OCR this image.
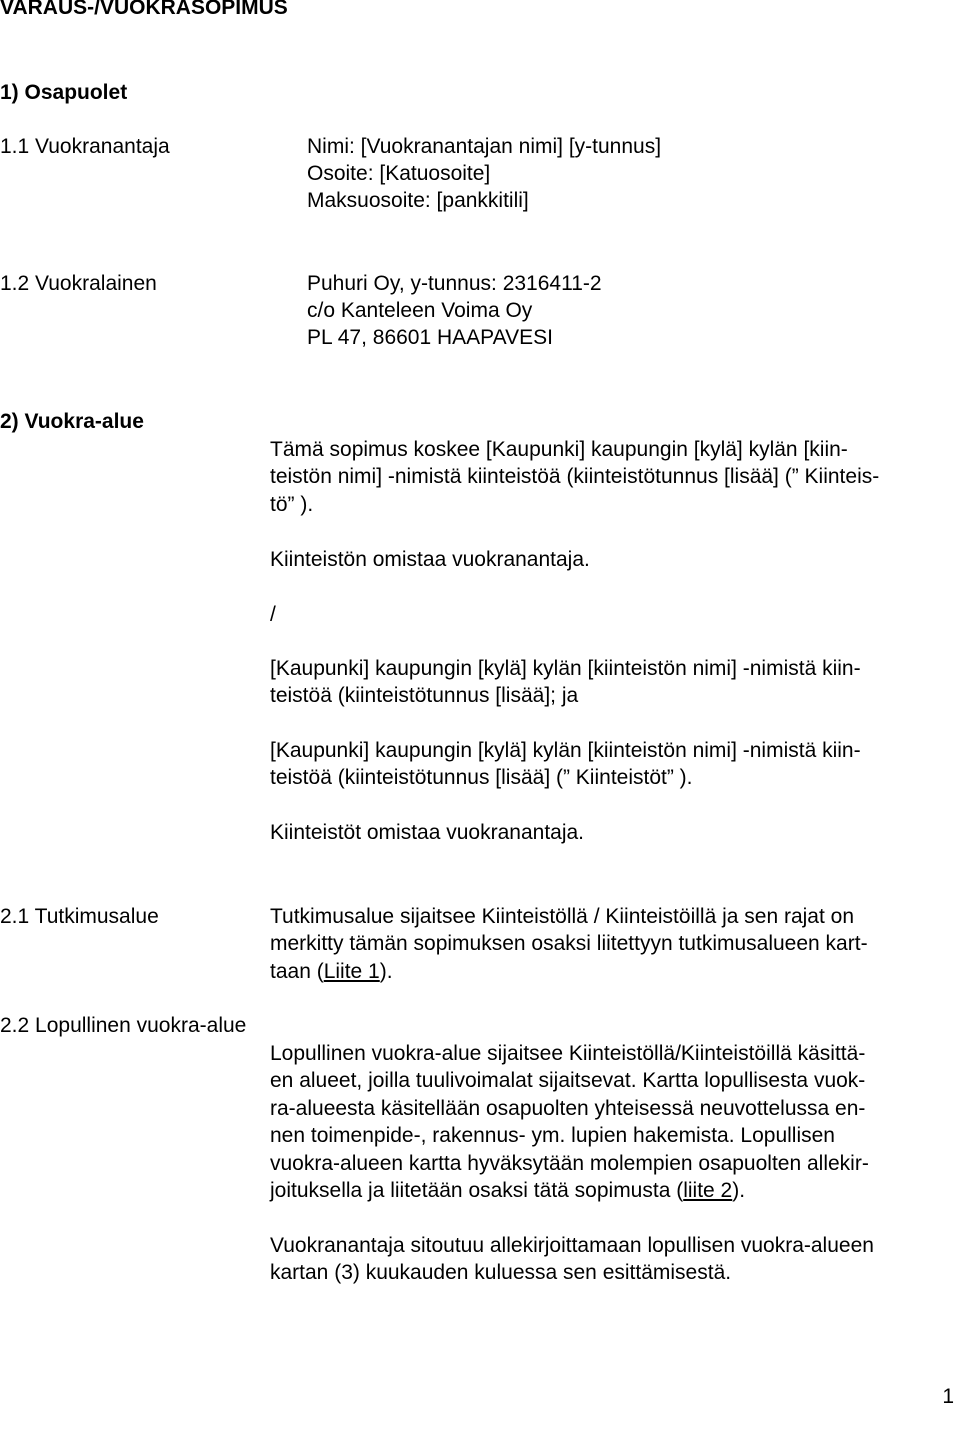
VARAUS-/VUOKRASOPIMUS
1) Osapuolet
1.1 Vuokranantaja	Nimi: [Vuokranantajan nimi] [y-tunnus]
Osoite: [Katuosoite]
Maksuosoite: [pankkitili]
1.2 Vuokralainen	Puhuri Oy, y-tunnus: 2316411-2
c/o Kanteleen Voima Oy
PL 47, 86601 HAAPAVESI
2) Vuokra-alue
Tämä sopimus koskee [Kaupunki] kaupungin [kylä] kylän [kiin-
teistön nimi] -nimistä kiinteistöä (kiinteistötunnus [lisää] (” Kiinteis-
tö” ).
Kiinteistön omistaa vuokranantaja.
/
[Kaupunki] kaupungin [kylä] kylän [kiinteistön nimi] -nimistä kiin-
teistöä (kiinteistötunnus [lisää]; ja
[Kaupunki] kaupungin [kylä] kylän [kiinteistön nimi] -nimistä kiin-
teistöä (kiinteistötunnus [lisää] (” Kiinteistöt” ).
Kiinteistöt omistaa vuokranantaja.
2.1 Tutkimusalue	Tutkimusalue sijaitsee Kiinteistöllä / Kiinteistöillä ja sen rajat on
merkitty tämän sopimuksen osaksi liitettyyn tutkimusalueen kart-
taan (Liite 1).
2.2 Lopullinen vuokra-alue
Lopullinen vuokra-alue sijaitsee Kiinteistöllä/Kiinteistöillä käsittä-
en alueet, joilla tuulivoimalat sijaitsevat. Kartta lopullisesta vuok-
ra-alueesta käsitellään osapuolten yhteisessä neuvottelussa en-
nen toimenpide-, rakennus- ym. lupien hakemista. Lopullisen
vuokra-alueen kartta hyväksytään molempien osapuolten allekir-
joituksella ja liitetään osaksi tätä sopimusta (liite 2).
Vuokranantaja sitoutuu allekirjoittamaan lopullisen vuokra-alueen
kartan (3) kuukauden kuluessa sen esittämisestä.
1
